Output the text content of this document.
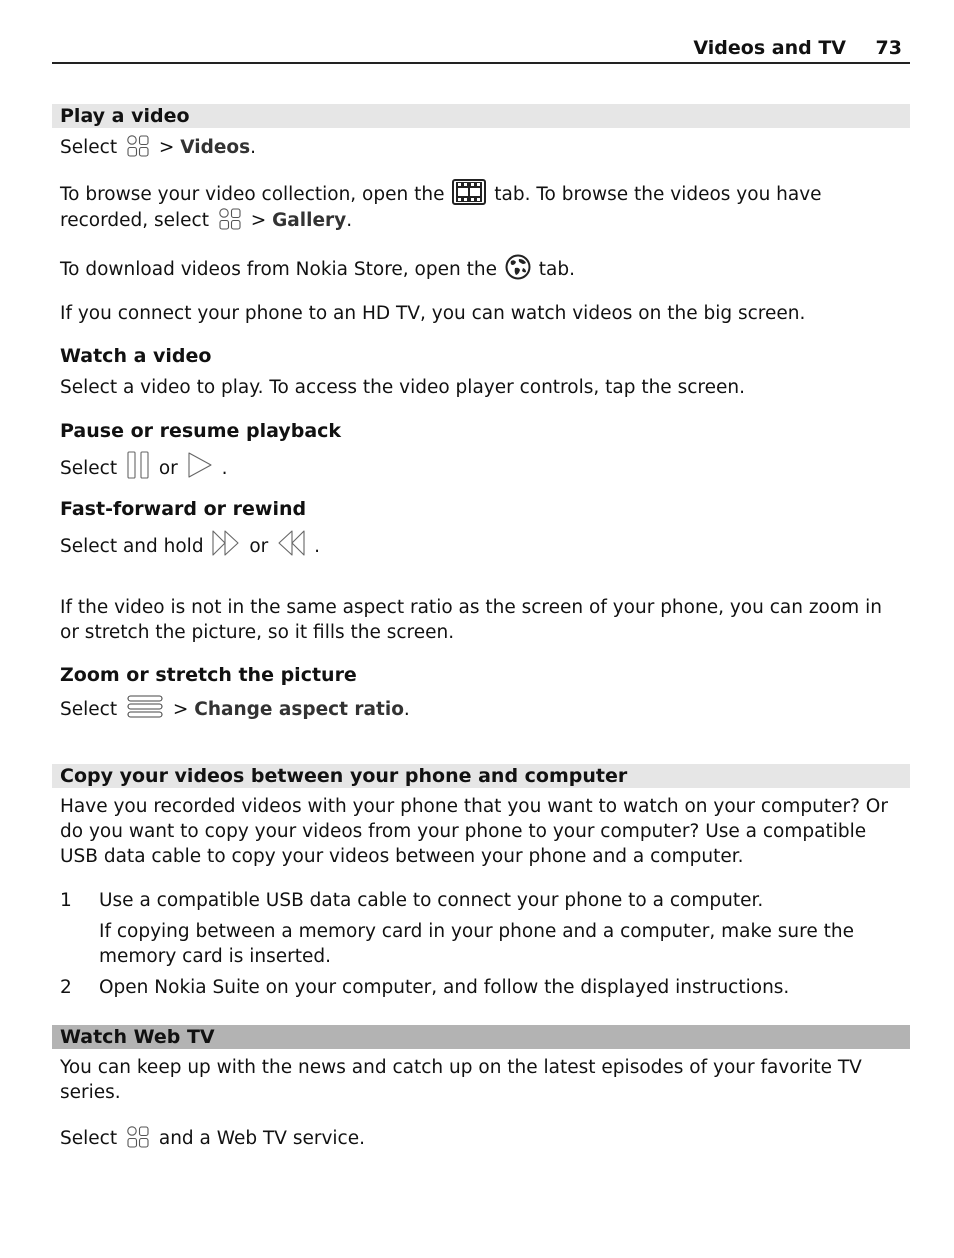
Videos and TV 73
Play a video
Select  > Videos.
To browse your video collection, open the	tab. To browse the videos you have
recorded, select  > Gallery.
To download videos from Nokia Store, open the tab.
If you connect your phone to an HD TV, you can watch videos on the big screen.
Watch a video
Select a video to play. To access the video player controls, tap the screen.
Pause or resume playback
Select or .
Fast-forward or rewind
Select and hold or .
If the video is not in the same aspect ratio as the screen of your phone, you can zoom in or stretch the picture, so it fills the screen.
Zoom or stretch the picture
Select	> Change aspect ratio.
Copy your videos between your phone and computer
Have you recorded videos with your phone that you want to watch on your computer? Or do you want to copy your videos from your phone to your computer? Use a compatible USB data cable to copy your videos between your phone and a computer.
1 Use a compatible USB data cable to connect your phone to a computer.
If copying between a memory card in your phone and a computer, make sure the memory card is inserted.
2 Open Nokia Suite on your computer, and follow the displayed instructions.
Watch Web TV
You can keep up with the news and catch up on the latest episodes of your favorite TV series.
Select and a Web TV service.
